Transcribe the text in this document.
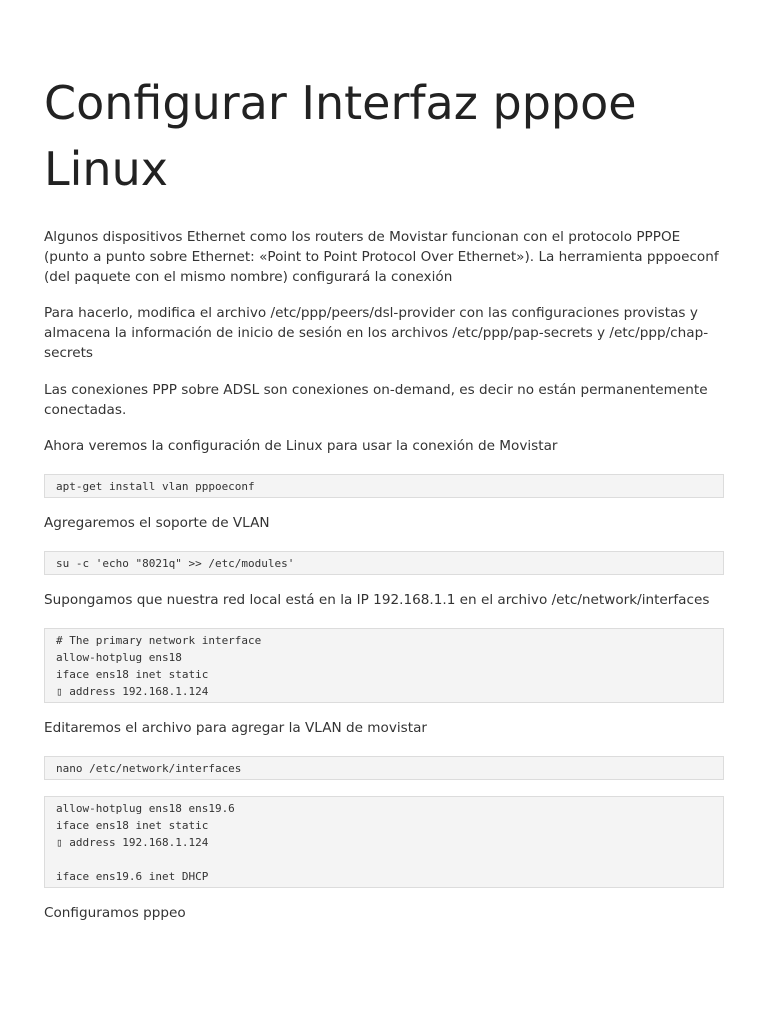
Configurar Interfaz pppoe Linux

Algunos dispositivos Ethernet como los routers de Movistar funcionan con el protocolo PPPOE (punto a punto sobre Ethernet: «Point to Point Protocol Over Ethernet»). La herramienta pppoeconf (del paquete con el mismo nombre) configurará la conexión

Para hacerlo, modifica el archivo /etc/ppp/peers/dsl-provider con las configuraciones provistas y almacena la información de inicio de sesión en los archivos /etc/ppp/pap-secrets y /etc/ppp/chap-secrets

Las conexiones PPP sobre ADSL son conexiones on-demand, es decir no están permanentemente conectadas.

Ahora veremos la configuración de Linux para usar la conexión de Movistar

apt-get install vlan pppoeconf

Agregaremos el soporte de VLAN

su -c 'echo "8021q" >> /etc/modules'

Supongamos que nuestra red local está en la IP 192.168.1.1 en el archivo /etc/network/interfaces

# The primary network interface
allow-hotplug ens18
iface ens18 inet static
▯ address 192.168.1.124

Editaremos el archivo para agregar la VLAN de movistar

nano /etc/network/interfaces
allow-hotplug ens18 ens19.6
iface ens18 inet static
▯ address 192.168.1.124
iface ens19.6 inet DHCP

Configuramos pppeo
